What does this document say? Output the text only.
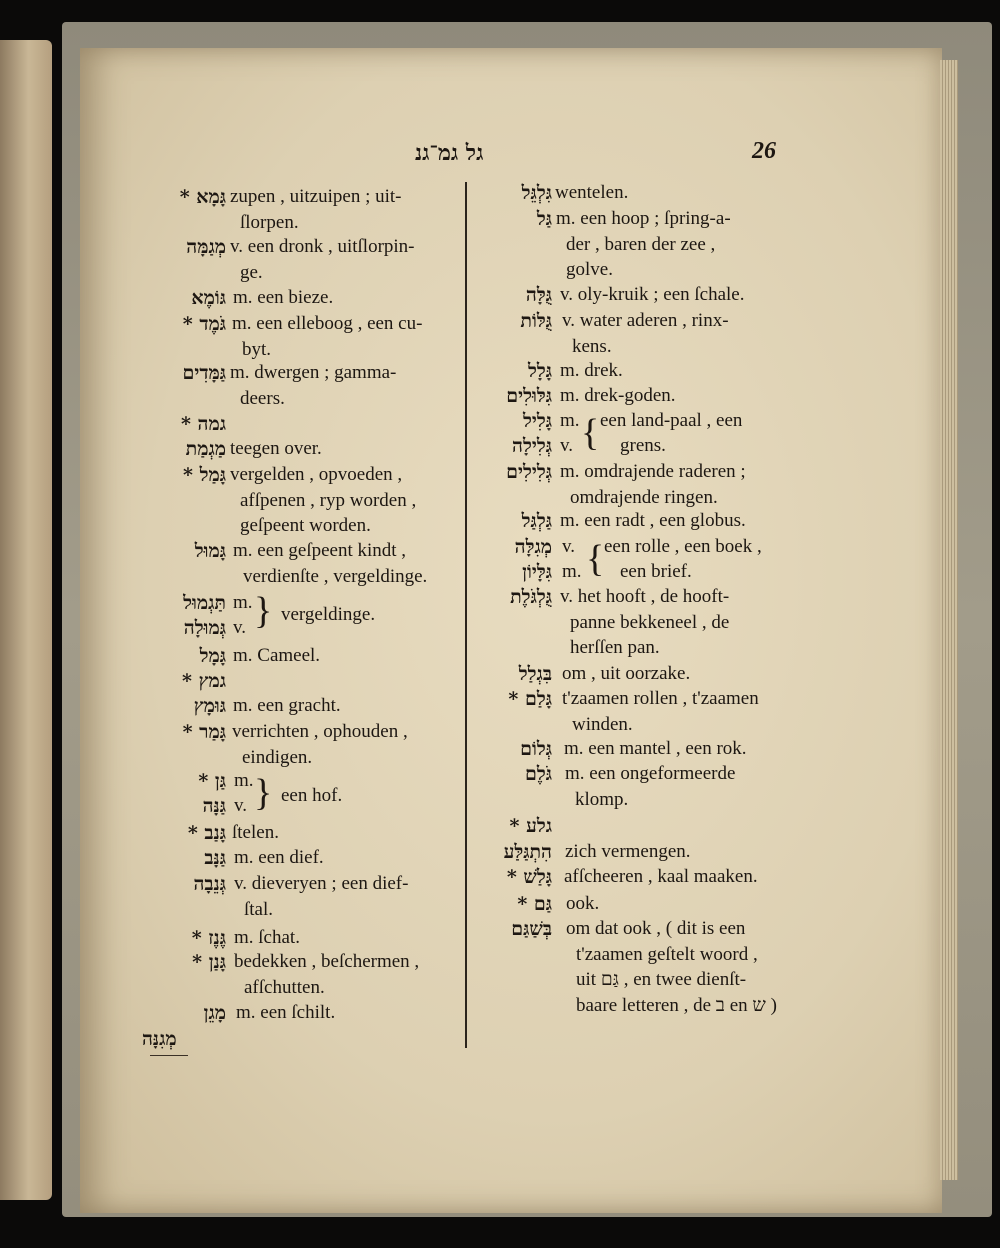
גל גמ־גנ	26
גָּמָא * zupen , uitzuipen ; uit-
ſlorpen.
מְגַמָּה v. een dronk , uitſlorpin-
ge.
גּוֹמֶא m. een bieze.
גֹּמֶד * m. een elleboog , een cu-
byt.
גַּמָּדִים m. dwergen ; gamma-
deers.
גמה *
מַגְמַת teegen over.
גָּמַל * vergelden , opvoeden ,
afſpenen , ryp worden ,
geſpeent worden.
גָּמוּל m. een geſpeent kindt ,
verdienſte , vergeldinge.
תַּגְמוּל m.
גְּמוּלָה v.
גָּמָל m. Cameel.
גמץ *
גּוּמָץ m. een gracht.
גָּמַר * verrichten , ophouden ,
eindigen.
גַּן * m.
גַּנָּה v.
גָּנַב * ſtelen.
גַּנָּב m. een dief.
גְּנֵבָה v. dieveryen ; een dief-
ſtal.
גֶּנֶז * m. ſchat.
גָּנַן * bedekken , beſchermen ,
afſchutten.
מָגֵן m. een ſchilt.
גִּלְגֵּל wentelen.
גַּל m. een hoop ; ſpring-a-
der , baren der zee ,
golve.
גֻּלָּה v. oly-kruik ; een ſchale.
גֻּלּוֹת v. water aderen , rinx-
kens.
גָּלָל m. drek.
גִּלּוּלִים m. drek-goden.
גָּלִיל m.
גְּלִילָה v.
גְּלִילִים m. omdrajende raderen ;
omdrajende ringen.
גַּלְגַּל m. een radt , een globus.
מְגִלָּה v.
גִּלָּיוֹן m.
גֻּלְגֹּלֶת v. het hooft , de hooft-
panne bekkeneel , de
herſſen pan.
בִּגְלַל om , uit oorzake.
גָּלַם * t'zaamen rollen , t'zaamen
winden.
גְּלוֹם m. een mantel , een rok.
גֹּלֶם m. een ongeformeerde
klomp.
גלע *
הִתְגַּלַּע zich vermengen.
גָּלַשׁ * afſcheeren , kaal maaken.
גַּם * ook.
בְּשַׁגַּם om dat ook , ( dit is een
t'zaamen geſtelt woord ,
uit גַּם , en twee dienſt-
baare letteren , de ב en ש )
} vergeldinge.
} een hof.
{ een land-paal , een
grens.
{ een rolle , een boek ,
een brief.
מְגִנָּה
